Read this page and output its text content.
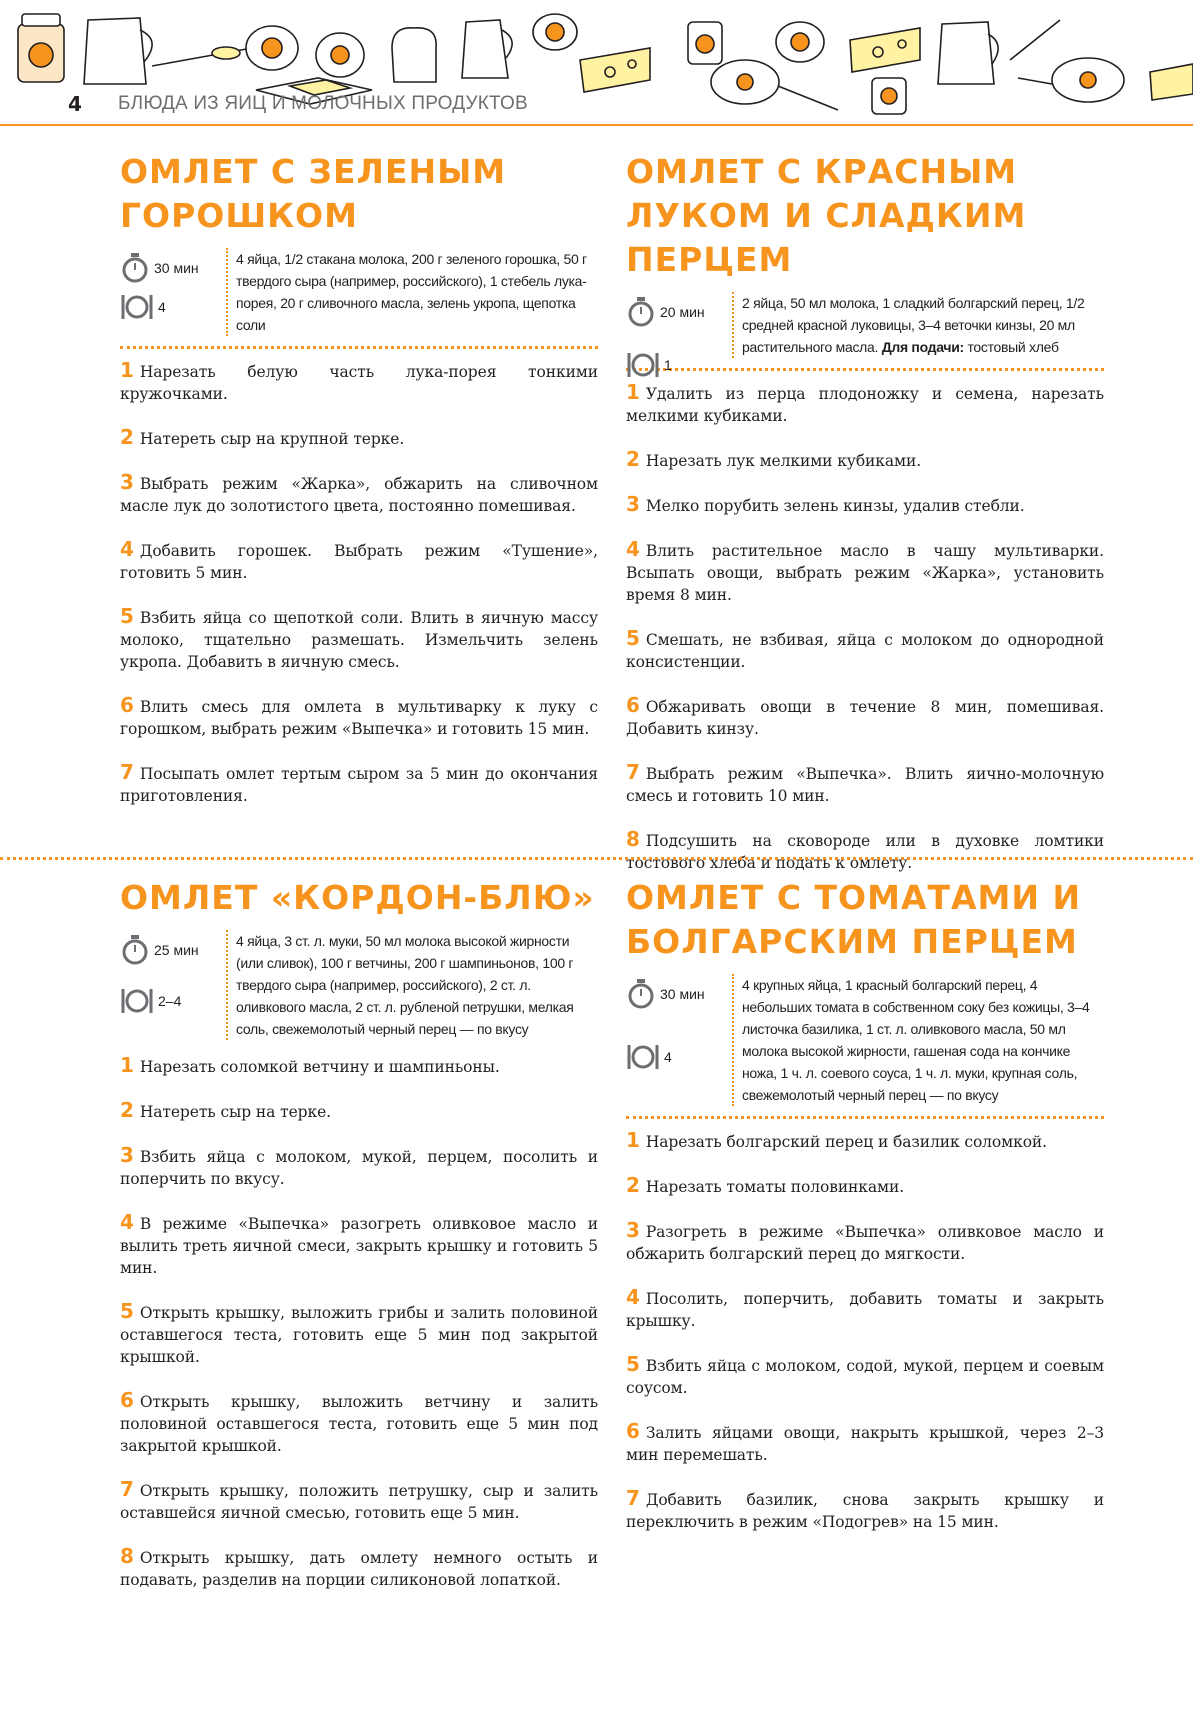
4 БЛЮДА ИЗ ЯИЦ И МОЛОЧНЫХ ПРОДУКТОВ
ОМЛЕТ С ЗЕЛЕНЫМ ГОРОШКОМ
30 мин
4
4 яйца, 1/2 стакана молока, 200 г зеленого горошка, 50 г твердого сыра (например, российского), 1 стебель лука-порея, 20 г сливочного масла, зелень укропа, щепотка соли
1 Нарезать белую часть лука-порея тонкими кружочками.
2 Натереть сыр на крупной терке.
3 Выбрать режим «Жарка», обжарить на сливочном масле лук до золотистого цвета, постоянно помешивая.
4 Добавить горошек. Выбрать режим «Тушение», готовить 5 мин.
5 Взбить яйца со щепоткой соли. Влить в яичную массу молоко, тщательно размешать. Измельчить зелень укропа. Добавить в яичную смесь.
6 Влить смесь для омлета в мультиварку к луку с горошком, выбрать режим «Выпечка» и готовить 15 мин.
7 Посыпать омлет тертым сыром за 5 мин до окончания приготовления.
ОМЛЕТ С КРАСНЫМ ЛУКОМ И СЛАДКИМ ПЕРЦЕМ
20 мин
1
2 яйца, 50 мл молока, 1 сладкий болгарский перец, 1/2 средней красной луковицы, 3–4 веточки кинзы, 20 мл растительного масла. Для подачи: тостовый хлеб
1 Удалить из перца плодоножку и семена, нарезать мелкими кубиками.
2 Нарезать лук мелкими кубиками.
3 Мелко порубить зелень кинзы, удалив стебли.
4 Влить растительное масло в чашу мультиварки. Всыпать овощи, выбрать режим «Жарка», установить время 8 мин.
5 Смешать, не взбивая, яйца с молоком до однородной консистенции.
6 Обжаривать овощи в течение 8 мин, помешивая. Добавить кинзу.
7 Выбрать режим «Выпечка». Влить яично-молочную смесь и готовить 10 мин.
8 Подсушить на сковороде или в духовке ломтики тостового хлеба и подать к омлету.
ОМЛЕТ «КОРДОН-БЛЮ»
25 мин
2–4
4 яйца, 3 ст. л. муки, 50 мл молока высокой жирности (или сливок), 100 г ветчины, 200 г шампиньонов, 100 г твердого сыра (например, российского), 2 ст. л. оливкового масла, 2 ст. л. рубленой петрушки, мелкая соль, свежемолотый черный перец — по вкусу
1 Нарезать соломкой ветчину и шампиньоны.
2 Натереть сыр на терке.
3 Взбить яйца с молоком, мукой, перцем, посолить и поперчить по вкусу.
4 В режиме «Выпечка» разогреть оливковое масло и вылить треть яичной смеси, закрыть крышку и готовить 5 мин.
5 Открыть крышку, выложить грибы и залить половиной оставшегося теста, готовить еще 5 мин под закрытой крышкой.
6 Открыть крышку, выложить ветчину и залить половиной оставшегося теста, готовить еще 5 мин под закрытой крышкой.
7 Открыть крышку, положить петрушку, сыр и залить оставшейся яичной смесью, готовить еще 5 мин.
8 Открыть крышку, дать омлету немного остыть и подавать, разделив на порции силиконовой лопаткой.
ОМЛЕТ С ТОМАТАМИ И БОЛГАРСКИМ ПЕРЦЕМ
30 мин
4
4 крупных яйца, 1 красный болгарский перец, 4 небольших томата в собственном соку без кожицы, 3–4 листочка базилика, 1 ст. л. оливкового масла, 50 мл молока высокой жирности, гашеная сода на кончике ножа, 1 ч. л. соевого соуса, 1 ч. л. муки, крупная соль, свежемолотый черный перец — по вкусу
1 Нарезать болгарский перец и базилик соломкой.
2 Нарезать томаты половинками.
3 Разогреть в режиме «Выпечка» оливковое масло и обжарить болгарский перец до мягкости.
4 Посолить, поперчить, добавить томаты и закрыть крышку.
5 Взбить яйца с молоком, содой, мукой, перцем и соевым соусом.
6 Залить яйцами овощи, накрыть крышкой, через 2–3 мин перемешать.
7 Добавить базилик, снова закрыть крышку и переключить в режим «Подогрев» на 15 мин.
